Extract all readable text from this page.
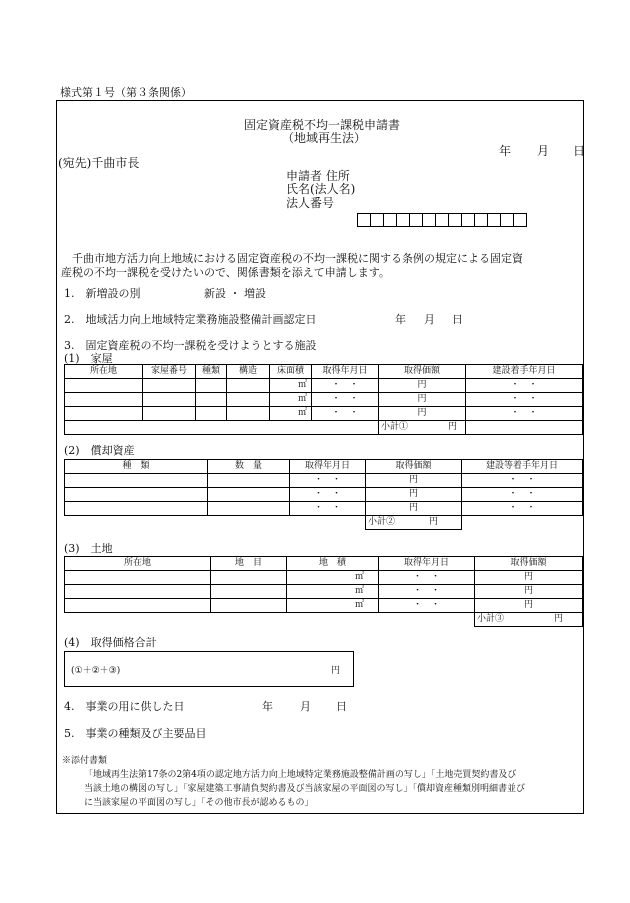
様式第１号（第３条関係）
固定資産税不均一課税申請書
（地域再生法）
年 月 日
(宛先)千曲市長
申請者 住所
氏名(法人名)
法人番号
　千曲市地方活力向上地域における固定資産税の不均一課税に関する条例の規定による固定資
産税の不均一課税を受けたいので、関係書類を添えて申請します。
1.　新増設の別	新設 ・ 増設
2.　地域活力向上地域特定業務施設整備計画認定日	年 月 日
3.　固定資産税の不均一課税を受けようとする施設
(1)　家屋
所在地	家屋番号	種類	構造	床面積	取得年月日	取得価額	建設着手年月日
				㎡	・　・	円	・　・
				㎡	・　・	円	・　・
				㎡	・　・	円	・　・
						小計① 円	
(2)　償却資産
種　類	数　量	取得年月日	取得価額	建設等着手年月日
		・　・	円	・　・
		・　・	円	・　・
		・　・	円	・　・
			小計② 円	
(3)　土地
所在地	地　目	地　積	取得年月日	取得価額
		㎡	・　・	円
		㎡	・　・	円
		㎡	・　・	円
				小計③ 円
(4)　取得価格合計
(①＋②＋③)	円
4.　事業の用に供した日	年 月 日
5.　事業の種類及び主要品目
※添付書類
「地域再生法第17条の2第4項の認定地方活力向上地域特定業務施設整備計画の写し」「土地売買契約書及び
当該土地の構図の写し」「家屋建築工事請負契約書及び当該家屋の平面図の写し」「償却資産種類別明細書並び
に当該家屋の平面図の写し」「その他市長が認めるもの」
